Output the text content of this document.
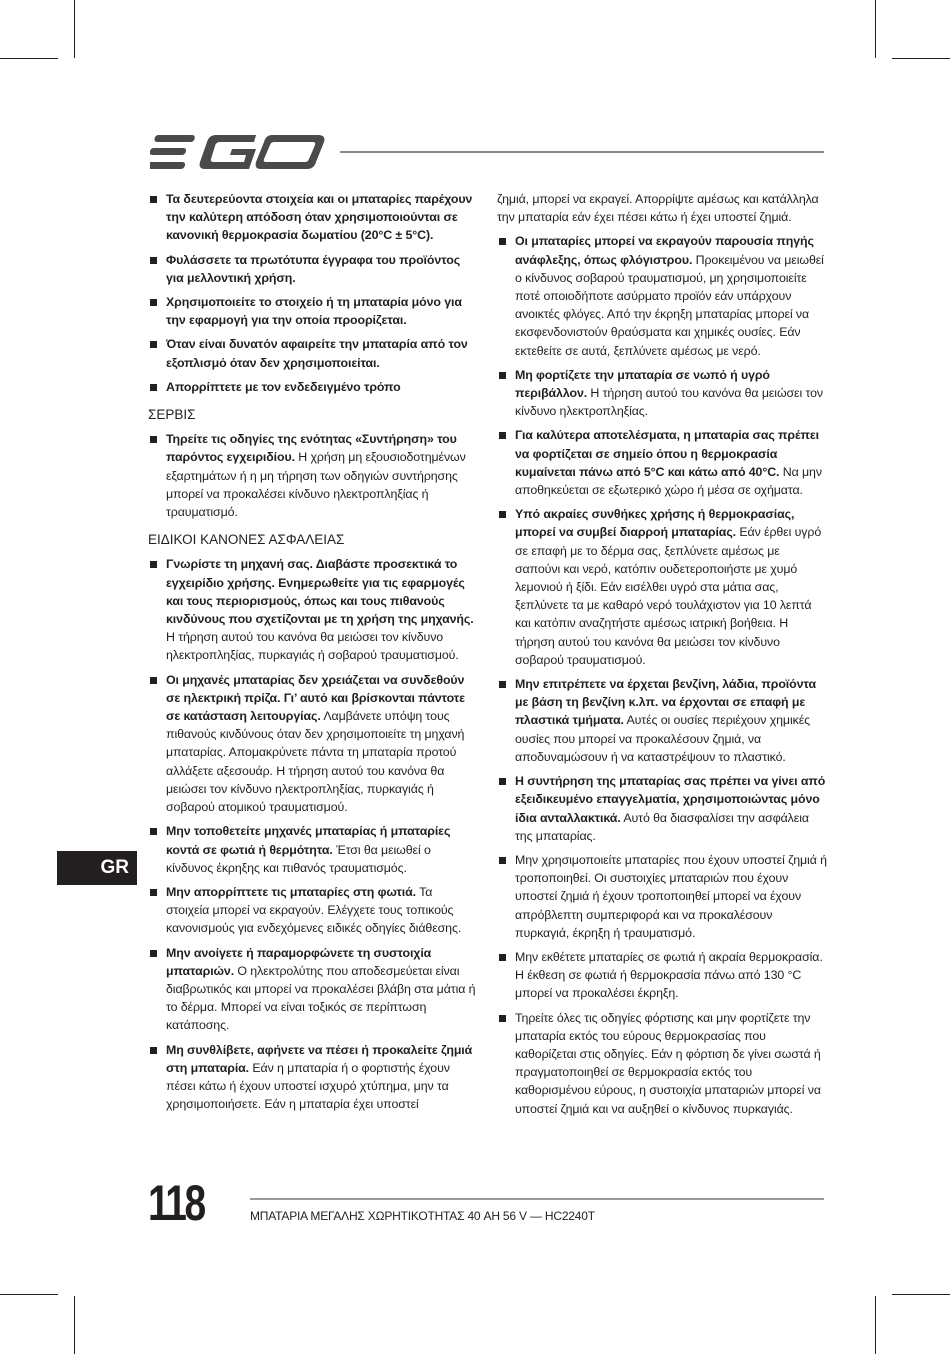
Τα δευτερεύοντα στοιχεία και οι μπαταρίες παρέχουν την καλύτερη απόδοση όταν χρησιμοποιούνται σε κανονική θερμοκρασία δωματίου (20°C ± 5°C).
Φυλάσσετε τα πρωτότυπα έγγραφα του προϊόντος για μελλοντική χρήση.
Χρησιμοποιείτε το στοιχείο ή τη μπαταρία μόνο για την εφαρμογή για την οποία προορίζεται.
Όταν είναι δυνατόν αφαιρείτε την μπαταρία από τον εξοπλισμό όταν δεν χρησιμοποιείται.
Απορρίπτετε με τον ενδεδειγμένο τρόπο
ΣΕΡΒΙΣ
Τηρείτε τις οδηγίες της ενότητας «Συντήρηση» του παρόντος εγχειριδίου. Η χρήση μη εξουσιοδοτημένων εξαρτημάτων ή η μη τήρηση των οδηγιών συντήρησης μπορεί να προκαλέσει κίνδυνο ηλεκτροπληξίας ή τραυματισμό.
ΕΙΔΙΚΟΙ ΚΑΝΟΝΕΣ ΑΣΦΑΛΕΙΑΣ
Γνωρίστε τη μηχανή σας. Διαβάστε προσεκτικά το εγχειρίδιο χρήσης. Ενημερωθείτε για τις εφαρμογές και τους περιορισμούς, όπως και τους πιθανούς κινδύνους που σχετίζονται με τη χρήση της μηχανής. Η τήρηση αυτού του κανόνα θα μειώσει τον κίνδυνο ηλεκτροπληξίας, πυρκαγιάς ή σοβαρού τραυματισμού.
Οι μηχανές μπαταρίας δεν χρειάζεται να συνδεθούν σε ηλεκτρική πρίζα. Γι’ αυτό και βρίσκονται πάντοτε σε κατάσταση λειτουργίας. Λαμβάνετε υπόψη τους πιθανούς κινδύνους όταν δεν χρησιμοποιείτε τη μηχανή μπαταρίας. Απομακρύνετε πάντα τη μπαταρία προτού αλλάξετε αξεσουάρ. Η τήρηση αυτού του κανόνα θα μειώσει τον κίνδυνο ηλεκτροπληξίας, πυρκαγιάς ή σοβαρού ατομικού τραυματισμού.
Μην τοποθετείτε μηχανές μπαταρίας ή μπαταρίες κοντά σε φωτιά ή θερμότητα. Έτσι θα μειωθεί ο κίνδυνος έκρηξης και πιθανός τραυματισμός.
Μην απορρίπτετε τις μπαταρίες στη φωτιά. Τα στοιχεία μπορεί να εκραγούν. Ελέγχετε τους τοπικούς κανονισμούς για ενδεχόμενες ειδικές οδηγίες διάθεσης.
Μην ανοίγετε ή παραμορφώνετε τη συστοιχία μπαταριών. Ο ηλεκτρολύτης που αποδεσμεύεται είναι διαβρωτικός και μπορεί να προκαλέσει βλάβη στα μάτια ή το δέρμα. Μπορεί να είναι τοξικός σε περίπτωση κατάποσης.
Μη συνθλίβετε, αφήνετε να πέσει ή προκαλείτε ζημιά στη μπαταρία. Εάν η μπαταρία ή ο φορτιστής έχουν πέσει κάτω ή έχουν υποστεί ισχυρό χτύπημα, μην τα χρησιμοποιήσετε. Εάν η μπαταρία έχει υποστεί
ζημιά, μπορεί να εκραγεί. Απορρίψτε αμέσως και κατάλληλα την μπαταρία εάν έχει πέσει κάτω ή έχει υποστεί ζημιά.
Οι μπαταρίες μπορεί να εκραγούν παρουσία πηγής ανάφλεξης, όπως φλόγιστρου. Προκειμένου να μειωθεί ο κίνδυνος σοβαρού τραυματισμού, μη χρησιμοποιείτε ποτέ οποιοδήποτε ασύρματο προϊόν εάν υπάρχουν ανοικτές φλόγες. Από την έκρηξη μπαταρίας μπορεί να εκσφενδονιστούν θραύσματα και χημικές ουσίες. Εάν εκτεθείτε σε αυτά, ξεπλύνετε αμέσως με νερό.
Μη φορτίζετε την μπαταρία σε νωπό ή υγρό περιβάλλον. Η τήρηση αυτού του κανόνα θα μειώσει τον κίνδυνο ηλεκτροπληξίας.
Για καλύτερα αποτελέσματα, η μπαταρία σας πρέπει να φορτίζεται σε σημείο όπου η θερμοκρασία κυμαίνεται πάνω από 5°C και κάτω από 40°C. Να μην αποθηκεύεται σε εξωτερικό χώρο ή μέσα σε οχήματα.
Υπό ακραίες συνθήκες χρήσης ή θερμοκρασίας, μπορεί να συμβεί διαρροή μπαταρίας. Εάν έρθει υγρό σε επαφή με το δέρμα σας, ξεπλύνετε αμέσως με σαπούνι και νερό, κατόπιν ουδετεροποιήστε με χυμό λεμονιού ή ξίδι. Εάν εισέλθει υγρό στα μάτια σας, ξεπλύνετε τα με καθαρό νερό τουλάχιστον για 10 λεπτά και κατόπιν αναζητήστε αμέσως ιατρική βοήθεια. Η τήρηση αυτού του κανόνα θα μειώσει τον κίνδυνο σοβαρού τραυματισμού.
Μην επιτρέπετε να έρχεται βενζίνη, λάδια, προϊόντα με βάση τη βενζίνη κ.λπ. να έρχονται σε επαφή με πλαστικά τμήματα. Αυτές οι ουσίες περιέχουν χημικές ουσίες που μπορεί να προκαλέσουν ζημιά, να αποδυναμώσουν ή να καταστρέψουν το πλαστικό.
Η συντήρηση της μπαταρίας σας πρέπει να γίνει από εξειδικευμένο επαγγελματία, χρησιμοποιώντας μόνο ίδια ανταλλακτικά. Αυτό θα διασφαλίσει την ασφάλεια της μπαταρίας.
Μην χρησιμοποιείτε μπαταρίες που έχουν υποστεί ζημιά ή τροποποιηθεί. Οι συστοιχίες μπαταριών που έχουν υποστεί ζημιά ή έχουν τροποποιηθεί μπορεί να έχουν απρόβλεπτη συμπεριφορά και να προκαλέσουν πυρκαγιά, έκρηξη ή τραυματισμό.
Μην εκθέτετε μπαταρίες σε φωτιά ή ακραία θερμοκρασία. Η έκθεση σε φωτιά ή θερμοκρασία πάνω από 130 °C μπορεί να προκαλέσει έκρηξη.
Τηρείτε όλες τις οδηγίες φόρτισης και μην φορτίζετε την μπαταρία εκτός του εύρους θερμοκρασίας που καθορίζεται στις οδηγίες. Εάν η φόρτιση δε γίνει σωστά ή πραγματοποιηθεί σε θερμοκρασία εκτός του καθορισμένου εύρους, η συστοιχία μπαταριών μπορεί να υποστεί ζημιά και να αυξηθεί ο κίνδυνος πυρκαγιάς.
GR
118	ΜΠΑΤΑΡΙΑ ΜΕΓΑΛΗΣ ΧΩΡΗΤΙΚΟΤΗΤΑΣ 40 AH 56 V — HC2240T
